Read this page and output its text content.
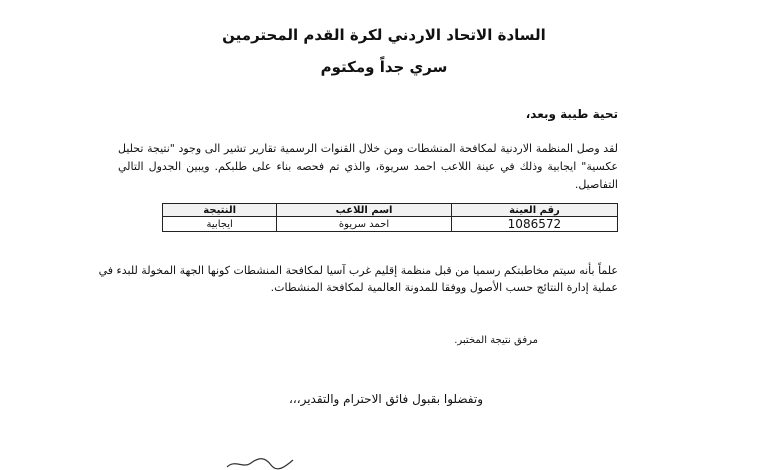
السادة الاتحاد الاردني لكرة القدم المحترمين
سري جداً ومكتوم
تحية طيبة وبعد،
لقد وصل المنظمة الاردنية لمكافحة المنشطات ومن خلال القنوات الرسمية تقارير تشير الى وجود "نتيجة تحليل عكسية" ايجابية وذلك في عينة اللاعب احمد سريوة، والذي تم فحصه بناء على طلبكم. ويبين الجدول التالي التفاصيل.
رقم العينة	اسم اللاعب	النتيجة
1086572	احمد سريوة	ايجابية
علماً بأنه سيتم مخاطبتكم رسميا من قبل منظمة إقليم غرب آسيا لمكافحة المنشطات كونها الجهة المخولة للبدء في عملية إدارة النتائج حسب الأصول ووفقا للمدونة العالمية لمكافحة المنشطات.
مرفق نتيجة المختبر.
وتفضلوا بقبول فائق الاحترام والتقدير،،،
